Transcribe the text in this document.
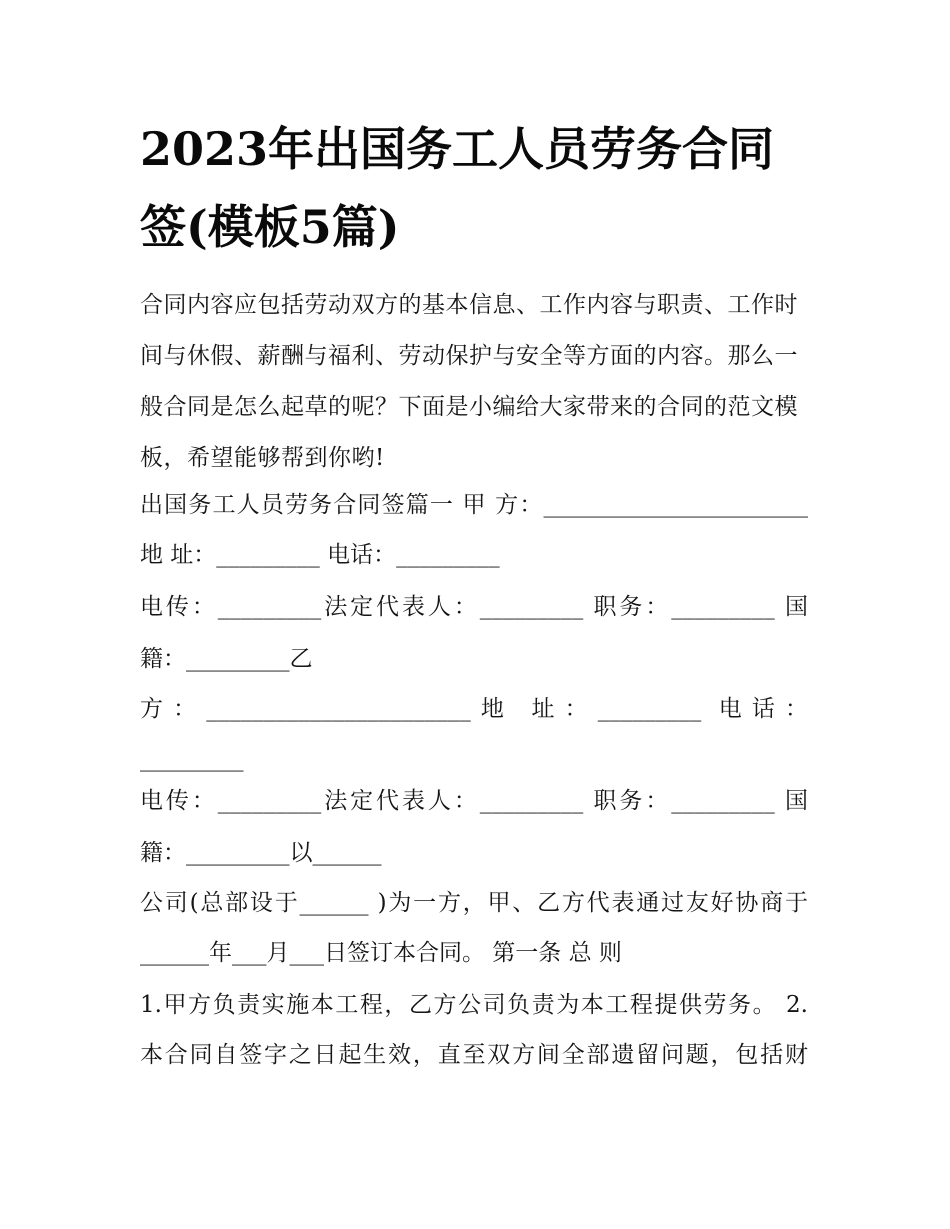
2023年出国务工人员劳务合同签(模板5篇)

合同内容应包括劳动双方的基本信息、工作内容与职责、工作时间与休假、薪酬与福利、劳动保护与安全等方面的内容。那么一般合同是怎么起草的呢？下面是小编给大家带来的合同的范文模板，希望能够帮到你哟!

出国务工人员劳务合同签篇一 甲 方：_______________________
地 址：_________ 电话：_________
电传：_________法定代表人：_________ 职务：_________ 国
籍：_________乙
方：_______________________地 址：_________ 电话：
_________
电传：_________法定代表人：_________ 职务：_________ 国
籍：_________以______
公司(总部设于______ )为一方，甲、乙方代表通过友好协商于
______年___月___日签订本合同。 第一条 总 则
1.甲方负责实施本工程，乙方公司负责为本工程提供劳务。 2.
本合同自签字之日起生效，直至双方间全部遗留问题，包括财
